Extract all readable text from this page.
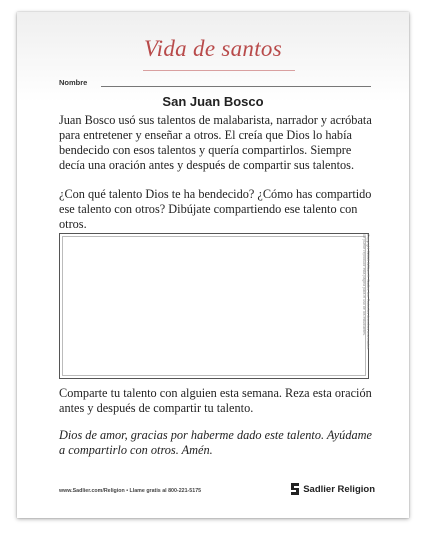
Vida de santos
Nombre
San Juan Bosco

Juan Bosco usó sus talentos de malabarista, narrador y acróbata para entretener y enseñar a otros. El creía que Dios lo había bendecido con esos talentos y quería compartirlos. Siempre decía una oración antes y después de compartir sus talentos.

¿Con qué talento Dios te ha bendecido? ¿Cómo has compartido ese talento con otros? Dibújate compartiendo ese talento con otros.

Comparte tu talento con alguien esta semana. Reza esta oración antes y después de compartir tu talento.

Dios de amor, gracias por haberme dado este talento. Ayúdame a compartirlo con otros. Amén.

Copyright ©2019 William H. Sadlier, Inc. Todos los derechos reservados.
Se puede reproducir esta página para el uso de los estudiantes.
www.Sadlier.com/Religion • Llame gratis al 800-221-5175	Sadlier Religion
